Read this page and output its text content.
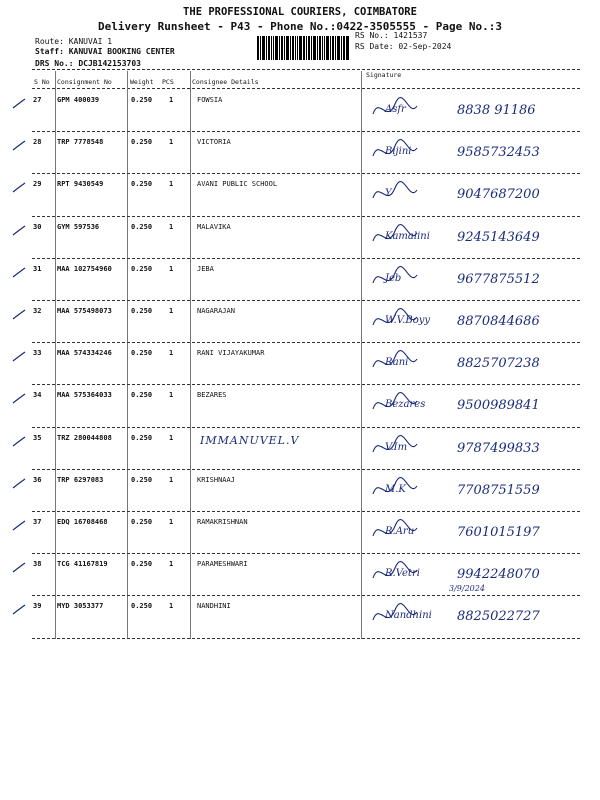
THE PROFESSIONAL COURIERS, COIMBATORE
Delivery Runsheet - P43 - Phone No.:0422-3505555 - Page No.:3
Route: KANUVAI 1
Staff: KANUVAI BOOKING CENTER
DRS No.: DCJB142153703
RS No.: 1421537
RS Date: 02-Sep-2024
S No Consignment No	Weight PCS	Consignee Details
Signature
27 GPM 400039	0.250 1	FOWSIA
Asfr	8838 91186
28 TRP 7778548	0.250 1	VICTORIA
Bijini	9585732453
29 RPT 9430549	0.250 1	AVANI PUBLIC SCHOOL
Y	9047687200
30 GYM 597536	0.250 1	MALAVIKA
Kamalini 9245143649
31 MAA 102754960	0.250 1	JEBA
Jeb	9677875512
32 MAA 575498073	0.250 1	NAGARAJAN
W.V.Boyy 8870844686
33 MAA 574334246	0.250 1	RANI VIJAYAKUMAR
Rani	8825707238
34 MAA 575364033	0.250 1	BEZARES
Bezares 9500989841
35 TRZ 280044808	0.250 1 IMMANUVEL.V
V.Im	9787499833
36 TRP 6297083	0.250 1	KRISHNAAJ
M.K	7708751559
37 EDQ 16708468	0.250 1	RAMAKRISHNAN
R.Aru	7601015197
38 TCG 41167819	0.250 1	PARAMESHWARI
R.Vetri	9942248070
3/9/2024
39 MYD 3053377	0.250 1	NANDHINI
Nandhini 8825022727
